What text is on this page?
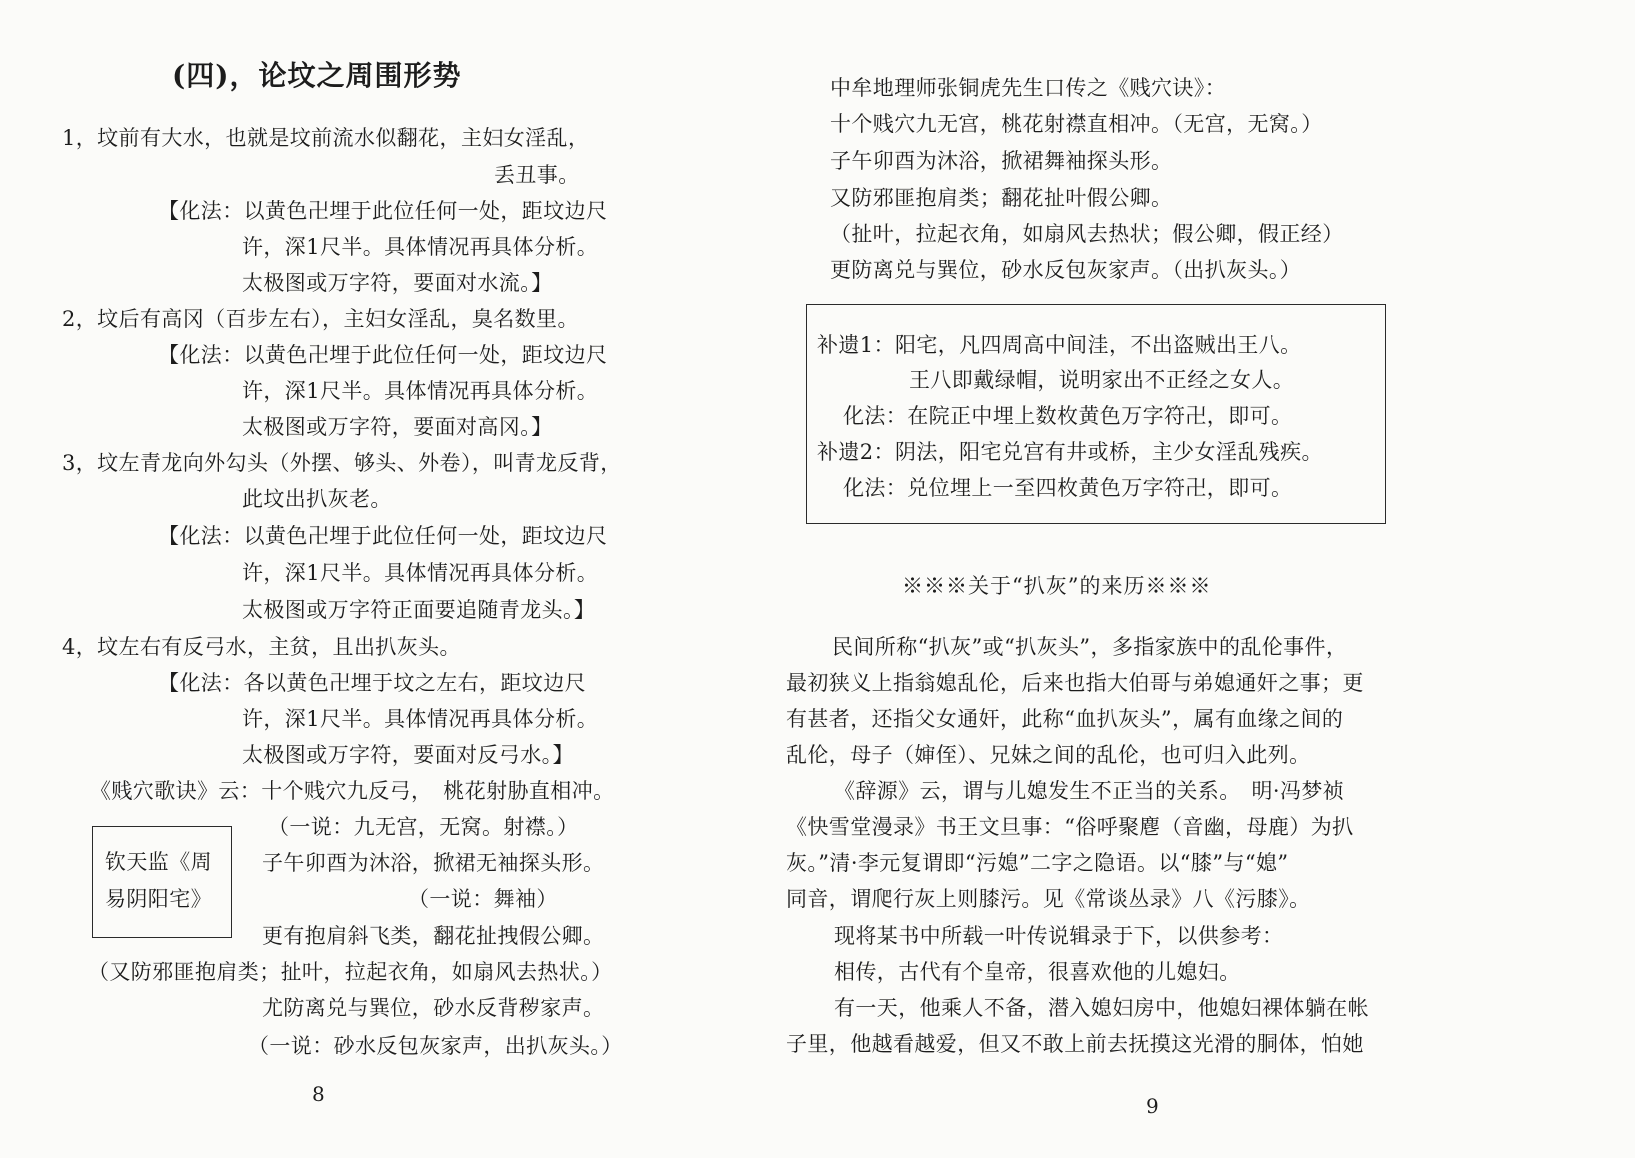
(四)，论坟之周围形势
1，坟前有大水，也就是坟前流水似翻花，主妇女淫乱，
丢丑事。
【化法：以黄色卍埋于此位任何一处，距坟边尺
许，深1尺半。具体情况再具体分析。
太极图或万字符，要面对水流。】
2，坟后有高冈（百步左右），主妇女淫乱，臭名数里。
【化法：以黄色卍埋于此位任何一处，距坟边尺
许，深1尺半。具体情况再具体分析。
太极图或万字符，要面对高冈。】
3，坟左青龙向外勾头（外摆、够头、外卷），叫青龙反背，
此坟出扒灰老。
【化法：以黄色卍埋于此位任何一处，距坟边尺
许，深1尺半。具体情况再具体分析。
太极图或万字符正面要追随青龙头。】
4，坟左右有反弓水，主贫，且出扒灰头。
【化法：各以黄色卍埋于坟之左右，距坟边尺
许，深1尺半。具体情况再具体分析。
太极图或万字符，要面对反弓水。】
《贱穴歌诀》云：十个贱穴九反弓，　桃花射胁直相冲。
（一说：九无宫，无窝。射襟。）
子午卯酉为沐浴，掀裙无袖探头形。
（一说：舞袖）
更有抱肩斜飞类，翻花扯拽假公卿。
（又防邪匪抱肩类；扯叶，拉起衣角，如扇风去热状。）
尤防离兑与巽位，砂水反背秽家声。
（一说：砂水反包灰家声，出扒灰头。）
钦天监《周
易阴阳宅》
8
中牟地理师张铜虎先生口传之《贱穴诀》：
十个贱穴九无宫，桃花射襟直相冲。（无宫，无窝。）
子午卯酉为沐浴，掀裙舞袖探头形。
又防邪匪抱肩类；翻花扯叶假公卿。
（扯叶，拉起衣角，如扇风去热状；假公卿，假正经）
更防离兑与巽位，砂水反包灰家声。（出扒灰头。）
补遗1：阳宅，凡四周高中间洼，不出盗贼出王八。
王八即戴绿帽，说明家出不正经之女人。
化法：在院正中埋上数枚黄色万字符卍，即可。
补遗2：阴法，阳宅兑宫有井或桥，主少女淫乱残疾。
化法：兑位埋上一至四枚黄色万字符卍，即可。
※※※关于“扒灰”的来历※※※
民间所称“扒灰”或“扒灰头”，多指家族中的乱伦事件，
最初狭义上指翁媳乱伦，后来也指大伯哥与弟媳通奸之事；更
有甚者，还指父女通奸，此称“血扒灰头”，属有血缘之间的
乱伦，母子（婶侄）、兄妹之间的乱伦，也可归入此列。
《辞源》云，谓与儿媳发生不正当的关系。　明·冯梦祯
《快雪堂漫录》书王文旦事：“俗呼聚麀（音幽，母鹿）为扒
灰。”清·李元复谓即“污媳”二字之隐语。以“膝”与“媳”
同音，谓爬行灰上则膝污。见《常谈丛录》八《污膝》。
现将某书中所载一叶传说辑录于下，以供参考：
相传，古代有个皇帝，很喜欢他的儿媳妇。
有一天，他乘人不备，潜入媳妇房中，他媳妇裸体躺在帐
子里，他越看越爱，但又不敢上前去抚摸这光滑的胴体，怕她
9
